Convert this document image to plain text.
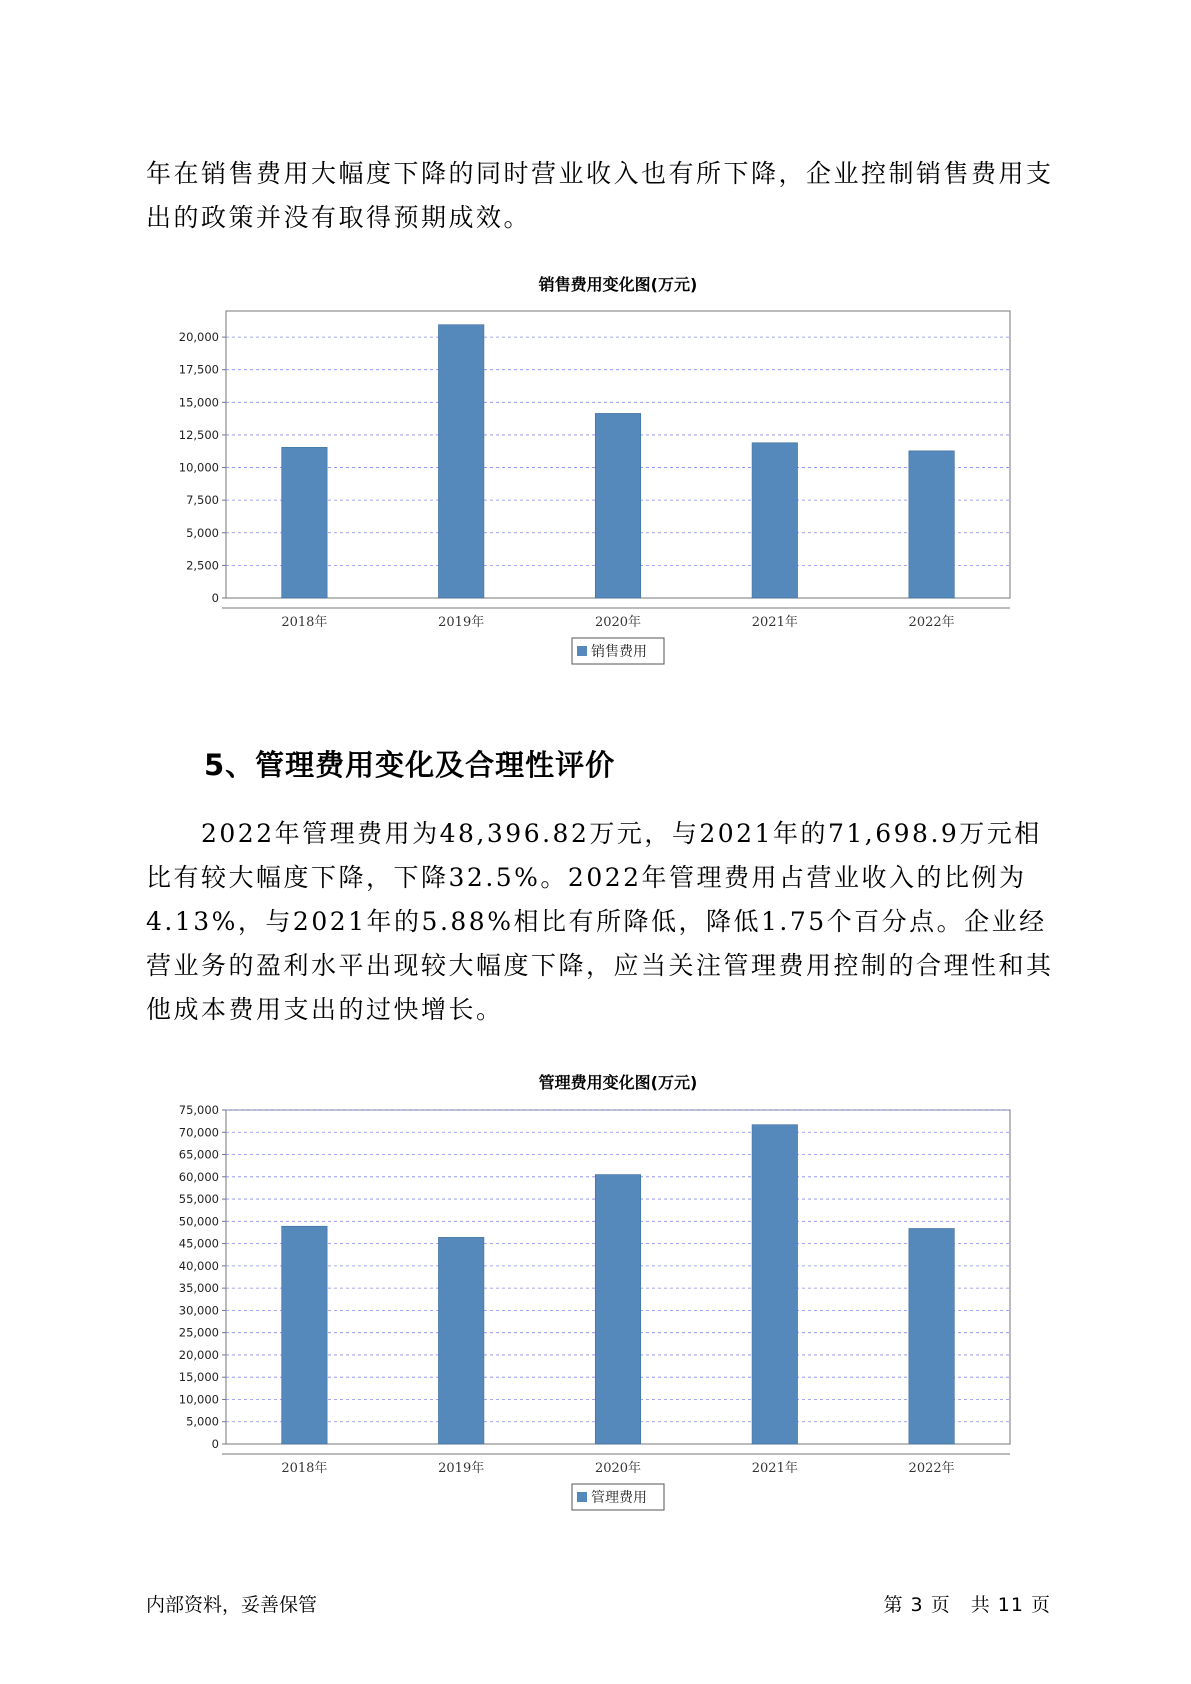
年在销售费用大幅度下降的同时营业收入也有所下降，企业控制销售费用支出的政策并没有取得预期成效。

销售费用变化图(万元)
0
2,500
5,000
7,500
10,000
12,500
15,000
17,500
20,000
2018年	2019年	2020年	2021年	2022年
销售费用
5、管理费用变化及合理性评价

2022年管理费用为48,396.82万元，与2021年的71,698.9万元相比有较大幅度下降，下降32.5%。2022年管理费用占营业收入的比例为4.13%，与2021年的5.88%相比有所降低，降低1.75个百分点。企业经营业务的盈利水平出现较大幅度下降，应当关注管理费用控制的合理性和其他成本费用支出的过快增长。

管理费用变化图(万元)
0
5,000
10,000
15,000
20,000
25,000
30,000
35,000
40,000
45,000
50,000
55,000
60,000
65,000
70,000
75,000
2018年	2019年	2020年	2021年	2022年
管理费用
内部资料，妥善保管	第 3 页　共 11 页
